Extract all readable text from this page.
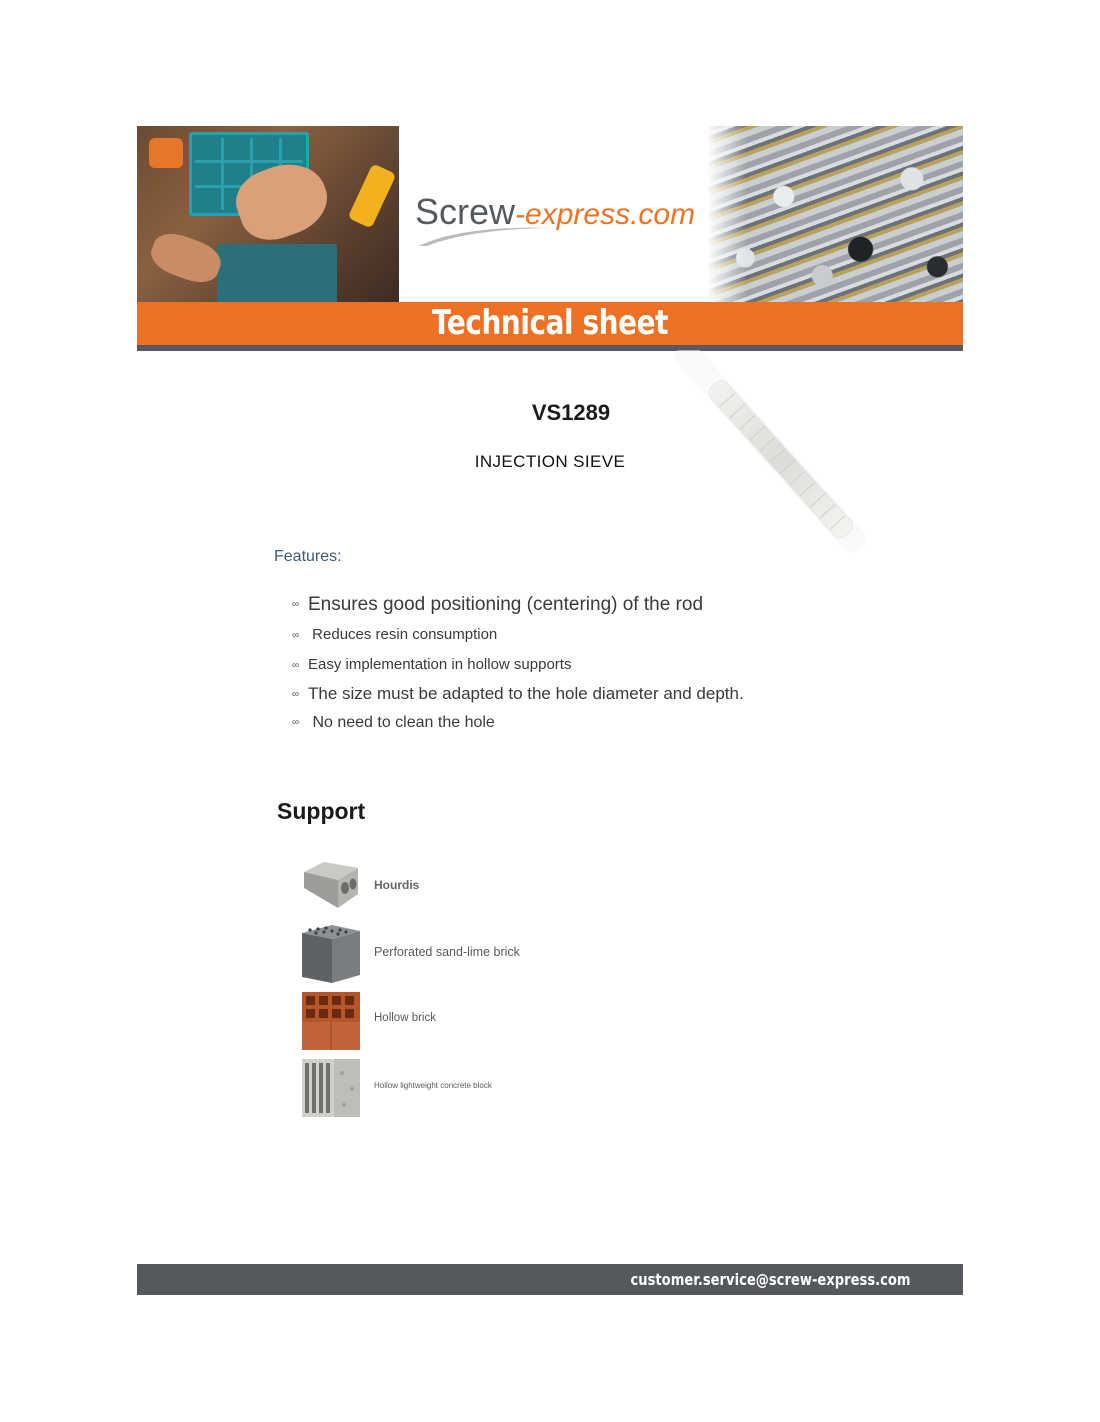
Screw-express.com
Technical sheet
VS1289
INJECTION SIEVE
Features:
∞ Ensures good positioning (centering) of the rod
∞ Reduces resin consumption
∞ Easy implementation in hollow supports
∞ The size must be adapted to the hole diameter and depth.
∞ No need to clean the hole
Support
Hourdis
Perforated sand-lime brick
Hollow brick
Hollow lightweight concrete block
customer.service@screw-express.com
